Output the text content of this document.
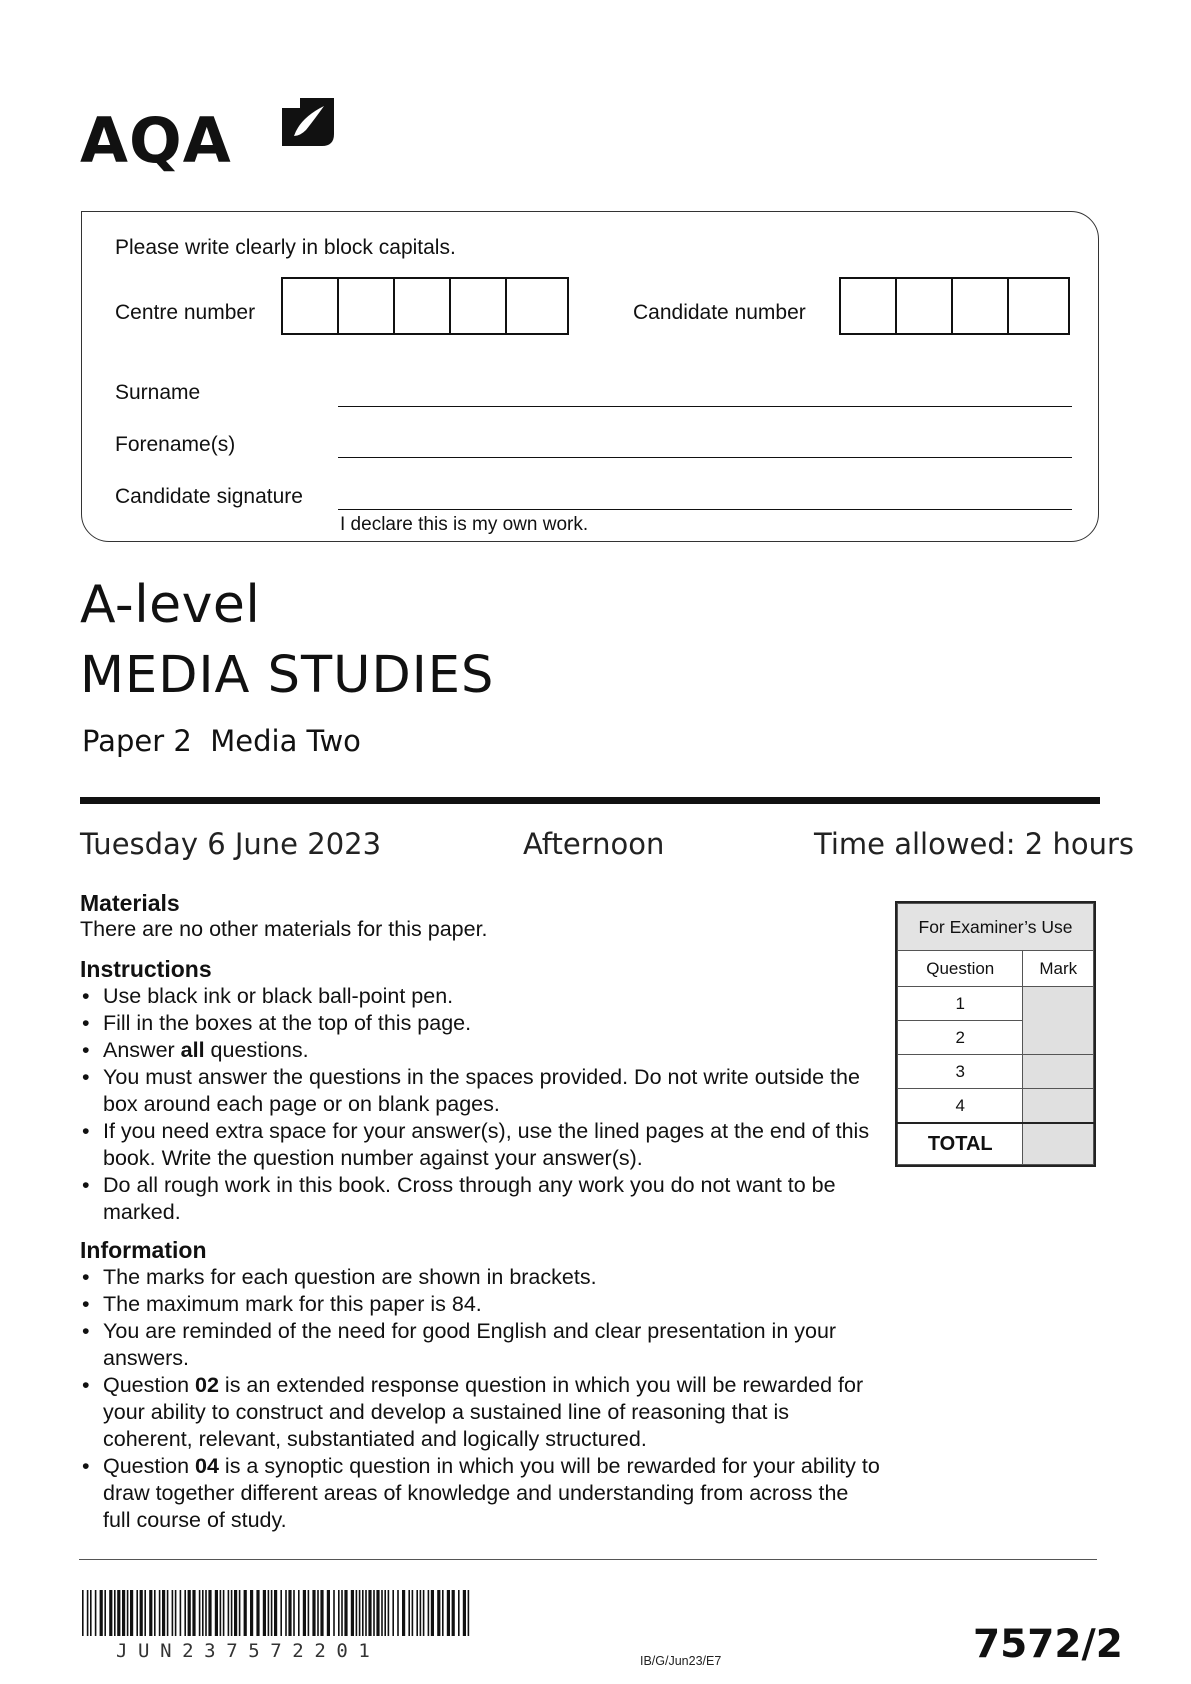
AQA
Please write clearly in block capitals.
Centre number	Candidate number
Surname
Forename(s)
Candidate signature
I declare this is my own work.
A-level
MEDIA STUDIES
Paper 2  Media Two
Tuesday 6 June 2023	Afternoon	Time allowed: 2 hours
Materials
There are no other materials for this paper.
Instructions
• Use black ink or black ball-point pen.
• Fill in the boxes at the top of this page.
• Answer all questions.
• You must answer the questions in the spaces provided. Do not write outside the box around each page or on blank pages.
• If you need extra space for your answer(s), use the lined pages at the end of this book. Write the question number against your answer(s).
• Do all rough work in this book. Cross through any work you do not want to be marked.
Information
• The marks for each question are shown in brackets.
• The maximum mark for this paper is 84.
• You are reminded of the need for good English and clear presentation in your answers.
• Question 02 is an extended response question in which you will be rewarded for your ability to construct and develop a sustained line of reasoning that is coherent, relevant, substantiated and logically structured.
• Question 04 is a synoptic question in which you will be rewarded for your ability to draw together different areas of knowledge and understanding from across the full course of study.
For Examiner’s Use	
Question	Mark
1	
2	
3	
4	
TOTAL	
JUN237572201	IB/G/Jun23/E7	7572/2
